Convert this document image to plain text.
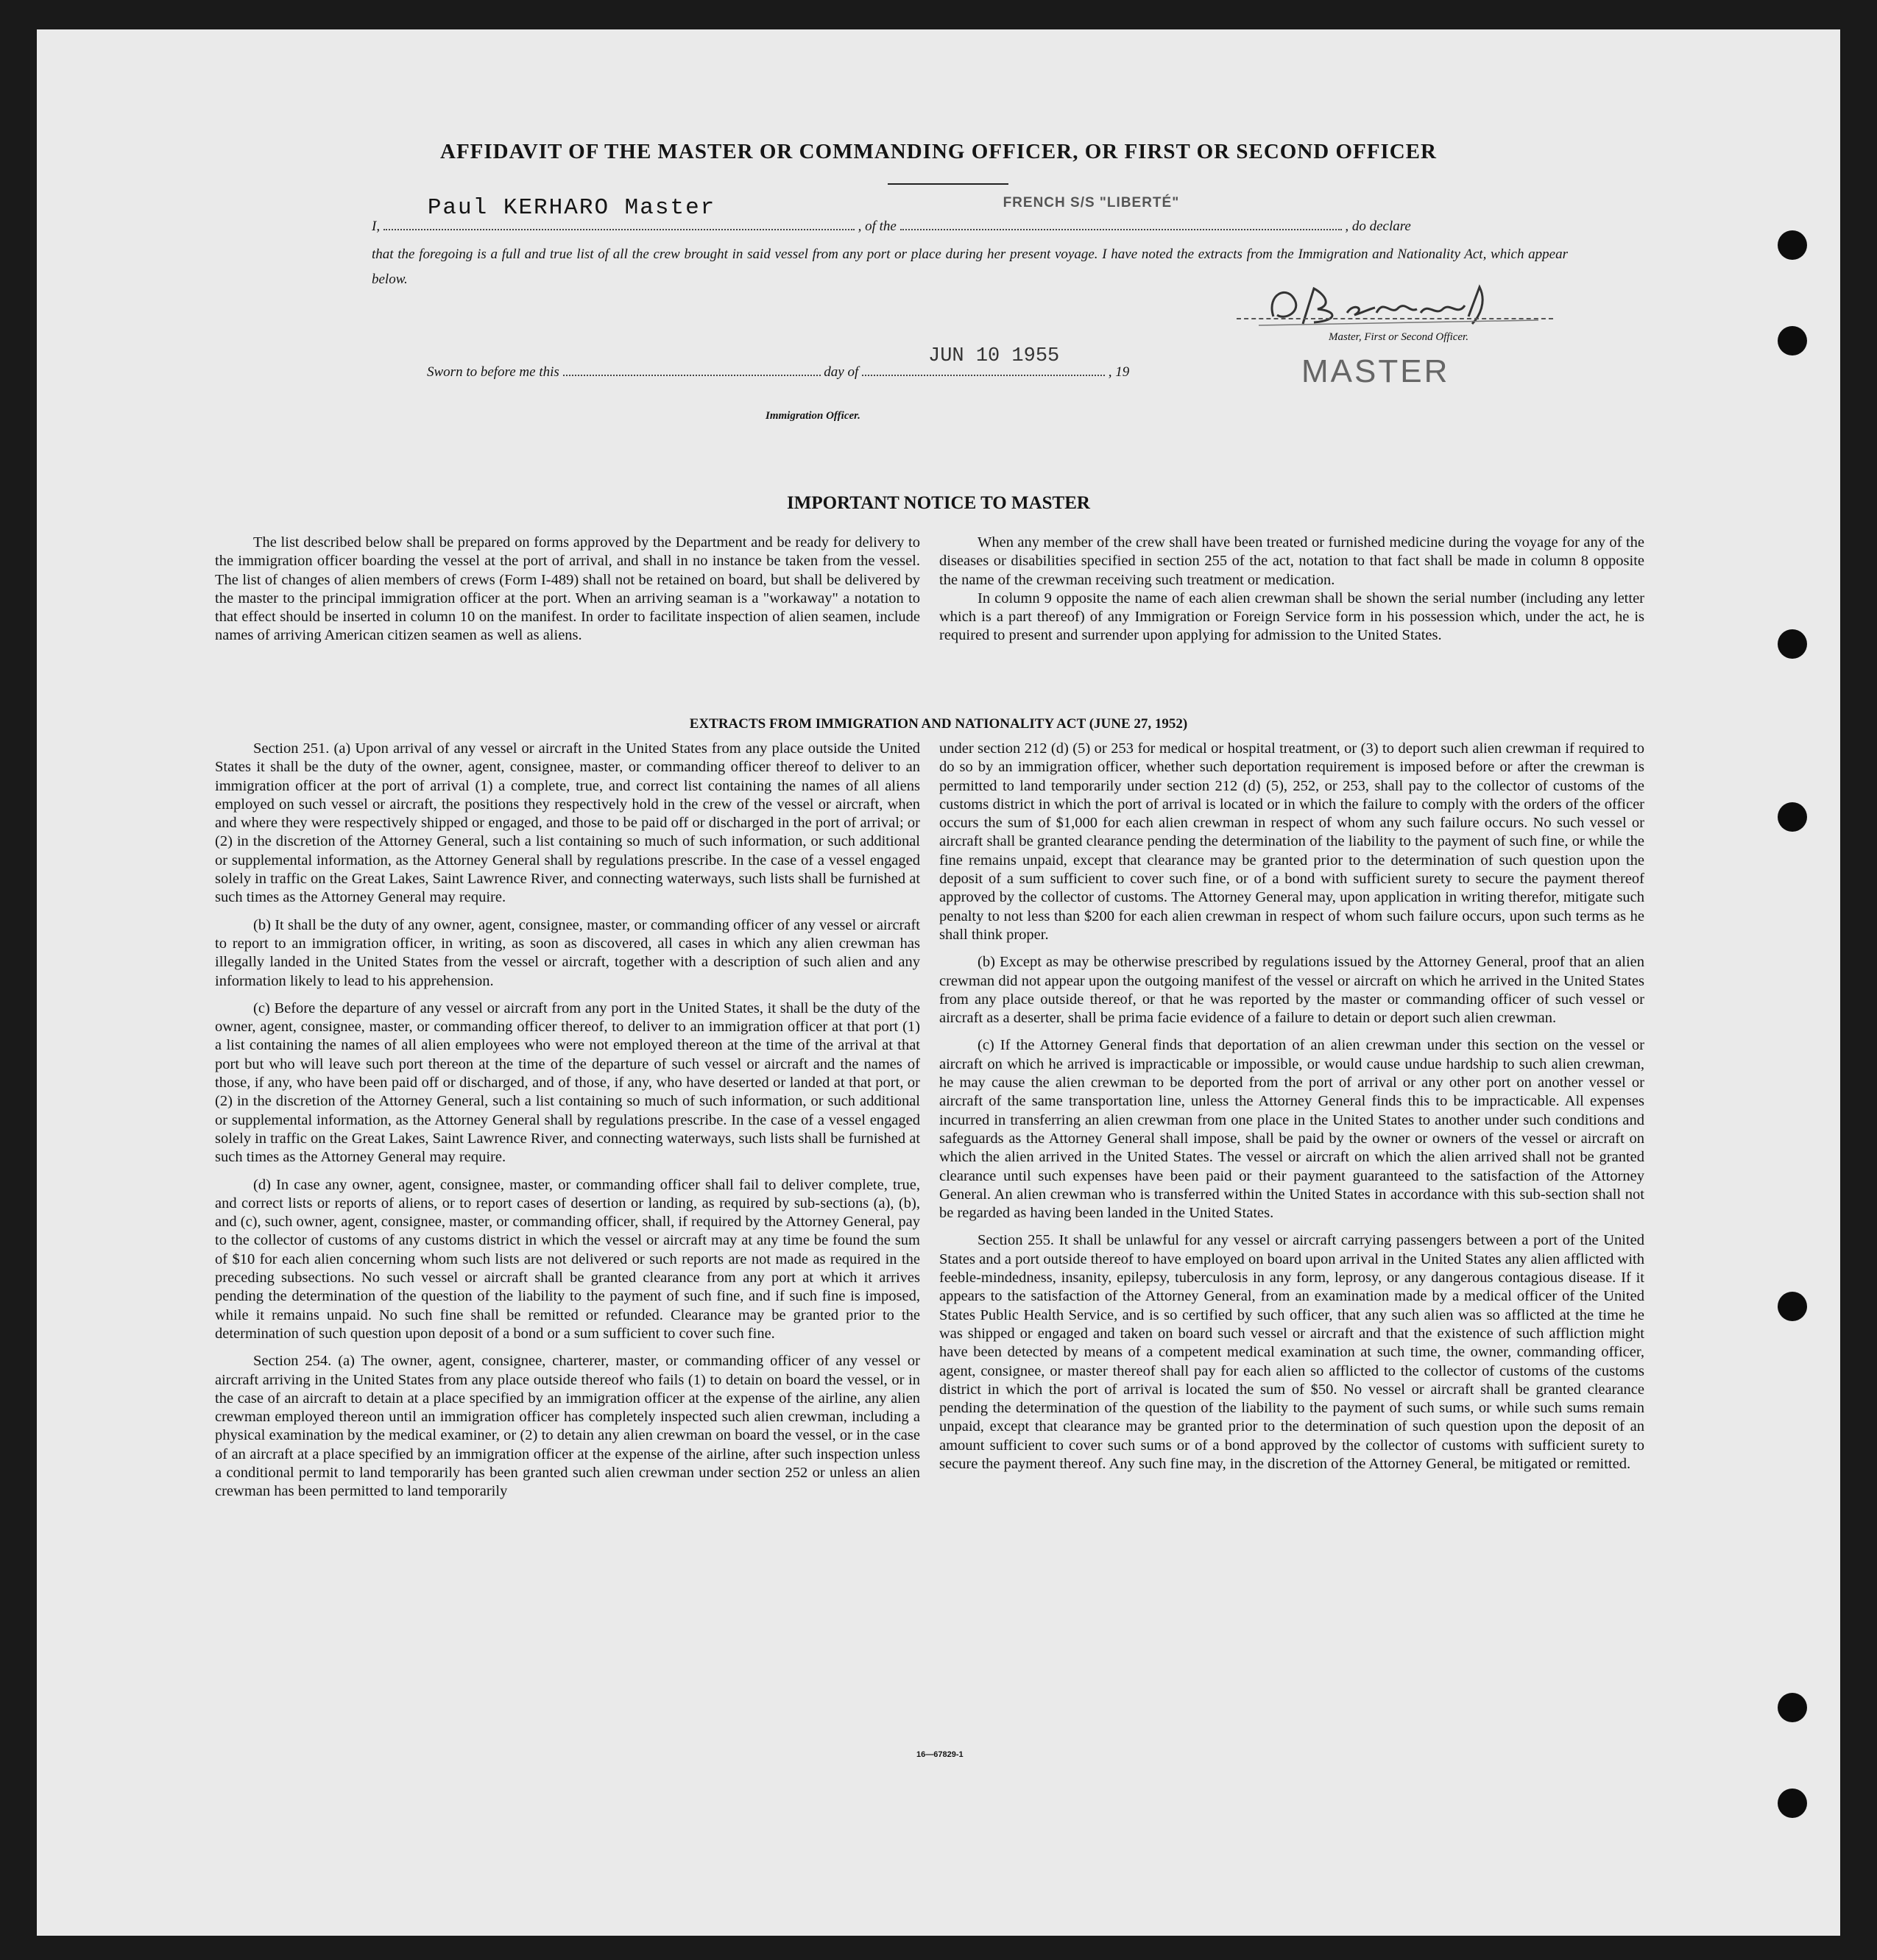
AFFIDAVIT OF THE MASTER OR COMMANDING OFFICER, OR FIRST OR SECOND OFFICER
I,
Paul KERHARO Master
, of the
FRENCH S/S "LIBERTÉ"
, do declare
that the foregoing is a full and true list of all the crew brought in said vessel from any port or place during her present voyage. I have noted the extracts from the Immigration and Nationality Act, which appear below.
Master, First or Second Officer.
MASTER
Sworn to before me this	day of
JUN 10 1955
, 19
Immigration Officer.
IMPORTANT NOTICE TO MASTER

The list described below shall be prepared on forms approved by the Department and be ready for delivery to the immigration officer boarding the vessel at the port of arrival, and shall in no instance be taken from the vessel. The list of changes of alien members of crews (Form I-489) shall not be retained on board, but shall be delivered by the master to the principal immigration officer at the port. When an arriving seaman is a "workaway" a notation to that effect should be inserted in column 10 on the manifest. In order to facilitate inspection of alien seamen, include names of arriving American citizen seamen as well as aliens.

When any member of the crew shall have been treated or furnished medicine during the voyage for any of the diseases or disabilities specified in section 255 of the act, notation to that fact shall be made in column 8 opposite the name of the crewman receiving such treatment or medication.

In column 9 opposite the name of each alien crewman shall be shown the serial number (including any letter which is a part thereof) of any Immigration or Foreign Service form in his possession which, under the act, he is required to present and surrender upon applying for admission to the United States.

EXTRACTS FROM IMMIGRATION AND NATIONALITY ACT (JUNE 27, 1952)

Section 251. (a) Upon arrival of any vessel or aircraft in the United States from any place outside the United States it shall be the duty of the owner, agent, consignee, master, or commanding officer thereof to deliver to an immigration officer at the port of arrival (1) a complete, true, and correct list containing the names of all aliens employed on such vessel or aircraft, the positions they respectively hold in the crew of the vessel or aircraft, when and where they were respectively shipped or engaged, and those to be paid off or discharged in the port of arrival; or (2) in the discretion of the Attorney General, such a list containing so much of such information, or such additional or supplemental information, as the Attorney General shall by regulations prescribe. In the case of a vessel engaged solely in traffic on the Great Lakes, Saint Lawrence River, and connecting waterways, such lists shall be furnished at such times as the Attorney General may require.

(b) It shall be the duty of any owner, agent, consignee, master, or commanding officer of any vessel or aircraft to report to an immigration officer, in writing, as soon as discovered, all cases in which any alien crewman has illegally landed in the United States from the vessel or aircraft, together with a description of such alien and any information likely to lead to his apprehension.

(c) Before the departure of any vessel or aircraft from any port in the United States, it shall be the duty of the owner, agent, consignee, master, or commanding officer thereof, to deliver to an immigration officer at that port (1) a list containing the names of all alien employees who were not employed thereon at the time of the arrival at that port but who will leave such port thereon at the time of the departure of such vessel or aircraft and the names of those, if any, who have been paid off or discharged, and of those, if any, who have deserted or landed at that port, or (2) in the discretion of the Attorney General, such a list containing so much of such information, or such additional or supplemental information, as the Attorney General shall by regulations prescribe. In the case of a vessel engaged solely in traffic on the Great Lakes, Saint Lawrence River, and connecting waterways, such lists shall be furnished at such times as the Attorney General may require.

(d) In case any owner, agent, consignee, master, or commanding officer shall fail to deliver complete, true, and correct lists or reports of aliens, or to report cases of desertion or landing, as required by sub-sections (a), (b), and (c), such owner, agent, consignee, master, or commanding officer, shall, if required by the Attorney General, pay to the collector of customs of any customs district in which the vessel or aircraft may at any time be found the sum of $10 for each alien concerning whom such lists are not delivered or such reports are not made as required in the preceding subsections. No such vessel or aircraft shall be granted clearance from any port at which it arrives pending the determination of the question of the liability to the payment of such fine, and if such fine is imposed, while it remains unpaid. No such fine shall be remitted or refunded. Clearance may be granted prior to the determination of such question upon deposit of a bond or a sum sufficient to cover such fine.

Section 254. (a) The owner, agent, consignee, charterer, master, or commanding officer of any vessel or aircraft arriving in the United States from any place outside thereof who fails (1) to detain on board the vessel, or in the case of an aircraft to detain at a place specified by an immigration officer at the expense of the airline, any alien crewman employed thereon until an immigration officer has completely inspected such alien crewman, including a physical examination by the medical examiner, or (2) to detain any alien crewman on board the vessel, or in the case of an aircraft at a place specified by an immigration officer at the expense of the airline, after such inspection unless a conditional permit to land temporarily has been granted such alien crewman under section 252 or unless an alien crewman has been permitted to land temporarily

under section 212 (d) (5) or 253 for medical or hospital treatment, or (3) to deport such alien crewman if required to do so by an immigration officer, whether such deportation requirement is imposed before or after the crewman is permitted to land temporarily under section 212 (d) (5), 252, or 253, shall pay to the collector of customs of the customs district in which the port of arrival is located or in which the failure to comply with the orders of the officer occurs the sum of $1,000 for each alien crewman in respect of whom any such failure occurs. No such vessel or aircraft shall be granted clearance pending the determination of the liability to the payment of such fine, or while the fine remains unpaid, except that clearance may be granted prior to the determination of such question upon the deposit of a sum sufficient to cover such fine, or of a bond with sufficient surety to secure the payment thereof approved by the collector of customs. The Attorney General may, upon application in writing therefor, mitigate such penalty to not less than $200 for each alien crewman in respect of whom such failure occurs, upon such terms as he shall think proper.

(b) Except as may be otherwise prescribed by regulations issued by the Attorney General, proof that an alien crewman did not appear upon the outgoing manifest of the vessel or aircraft on which he arrived in the United States from any place outside thereof, or that he was reported by the master or commanding officer of such vessel or aircraft as a deserter, shall be prima facie evidence of a failure to detain or deport such alien crewman.

(c) If the Attorney General finds that deportation of an alien crewman under this section on the vessel or aircraft on which he arrived is impracticable or impossible, or would cause undue hardship to such alien crewman, he may cause the alien crewman to be deported from the port of arrival or any other port on another vessel or aircraft of the same transportation line, unless the Attorney General finds this to be impracticable. All expenses incurred in transferring an alien crewman from one place in the United States to another under such conditions and safeguards as the Attorney General shall impose, shall be paid by the owner or owners of the vessel or aircraft on which the alien arrived in the United States. The vessel or aircraft on which the alien arrived shall not be granted clearance until such expenses have been paid or their payment guaranteed to the satisfaction of the Attorney General. An alien crewman who is transferred within the United States in accordance with this sub-section shall not be regarded as having been landed in the United States.

Section 255. It shall be unlawful for any vessel or aircraft carrying passengers between a port of the United States and a port outside thereof to have employed on board upon arrival in the United States any alien afflicted with feeble-mindedness, insanity, epilepsy, tuberculosis in any form, leprosy, or any dangerous contagious disease. If it appears to the satisfaction of the Attorney General, from an examination made by a medical officer of the United States Public Health Service, and is so certified by such officer, that any such alien was so afflicted at the time he was shipped or engaged and taken on board such vessel or aircraft and that the existence of such affliction might have been detected by means of a competent medical examination at such time, the owner, commanding officer, agent, consignee, or master thereof shall pay for each alien so afflicted to the collector of customs of the customs district in which the port of arrival is located the sum of $50. No vessel or aircraft shall be granted clearance pending the determination of the question of the liability to the payment of such sums, or while such sums remain unpaid, except that clearance may be granted prior to the determination of such question upon the deposit of an amount sufficient to cover such sums or of a bond approved by the collector of customs with sufficient surety to secure the payment thereof. Any such fine may, in the discretion of the Attorney General, be mitigated or remitted.

16—67829-1
